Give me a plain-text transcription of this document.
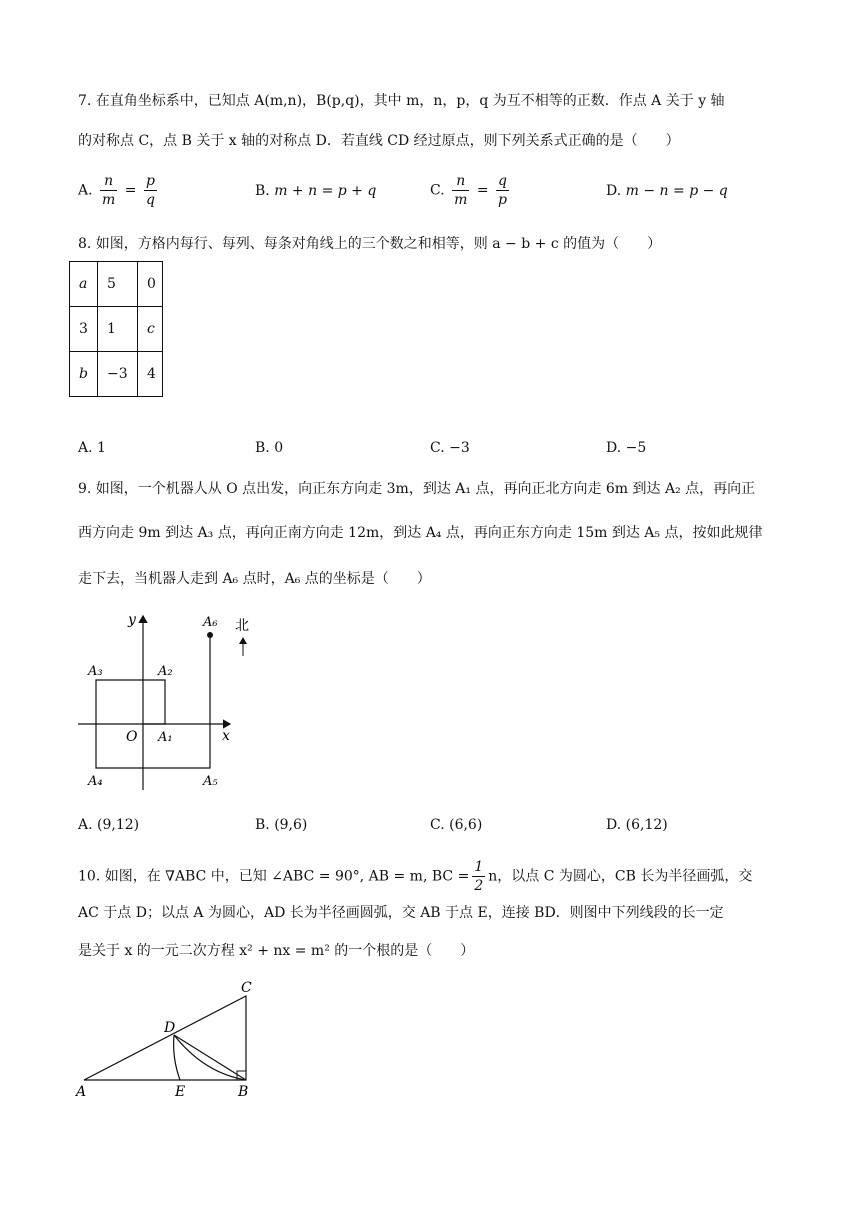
7. 在直角坐标系中，已知点 A(m,n)，B(p,q)，其中 m，n，p，q 为互不相等的正数．作点 A 关于 y 轴
的对称点 C，点 B 关于 x 轴的对称点 D．若直线 CD 经过原点，则下列关系式正确的是（　　）
A. $\frac{n}{m} = \frac{p}{q}$	B. m + n = p + q	C. $\frac{n}{m} = \frac{q}{p}$	D. m − n = p − q
8. 如图，方格内每行、每列、每条对角线上的三个数之和相等，则 a − b + c 的值为（　　）
a	5	0
3	1	c
b	−3	4
A. 1	B. 0	C. −3	D. −5
9. 如图，一个机器人从 O 点出发，向正东方向走 3m，到达 A₁ 点，再向正北方向走 6m 到达 A₂ 点，再向正
西方向走 9m 到达 A₃ 点，再向正南方向走 12m，到达 A₄ 点，再向正东方向走 15m 到达 A₅ 点，按如此规律
走下去，当机器人走到 A₆ 点时，A₆ 点的坐标是（　　）
y
x
O A₁
A₂
A₃
A₄	A₅
A₆ 北
A. (9,12)	B. (9,6)	C. (6,6)	D. (6,12)
10. 如图，在 ∇ABC 中，已知 ∠ABC = 90°, AB = m, BC = $\frac{1}{2}$ n，以点 C 为圆心，CB 长为半径画弧，交
AC 于点 D；以点 A 为圆心，AD 长为半径画圆弧，交 AB 于点 E，连接 BD．则图中下列线段的长一定
是关于 x 的一元二次方程 x² + nx = m² 的一个根的是（　　）
A	B
C
D
E
